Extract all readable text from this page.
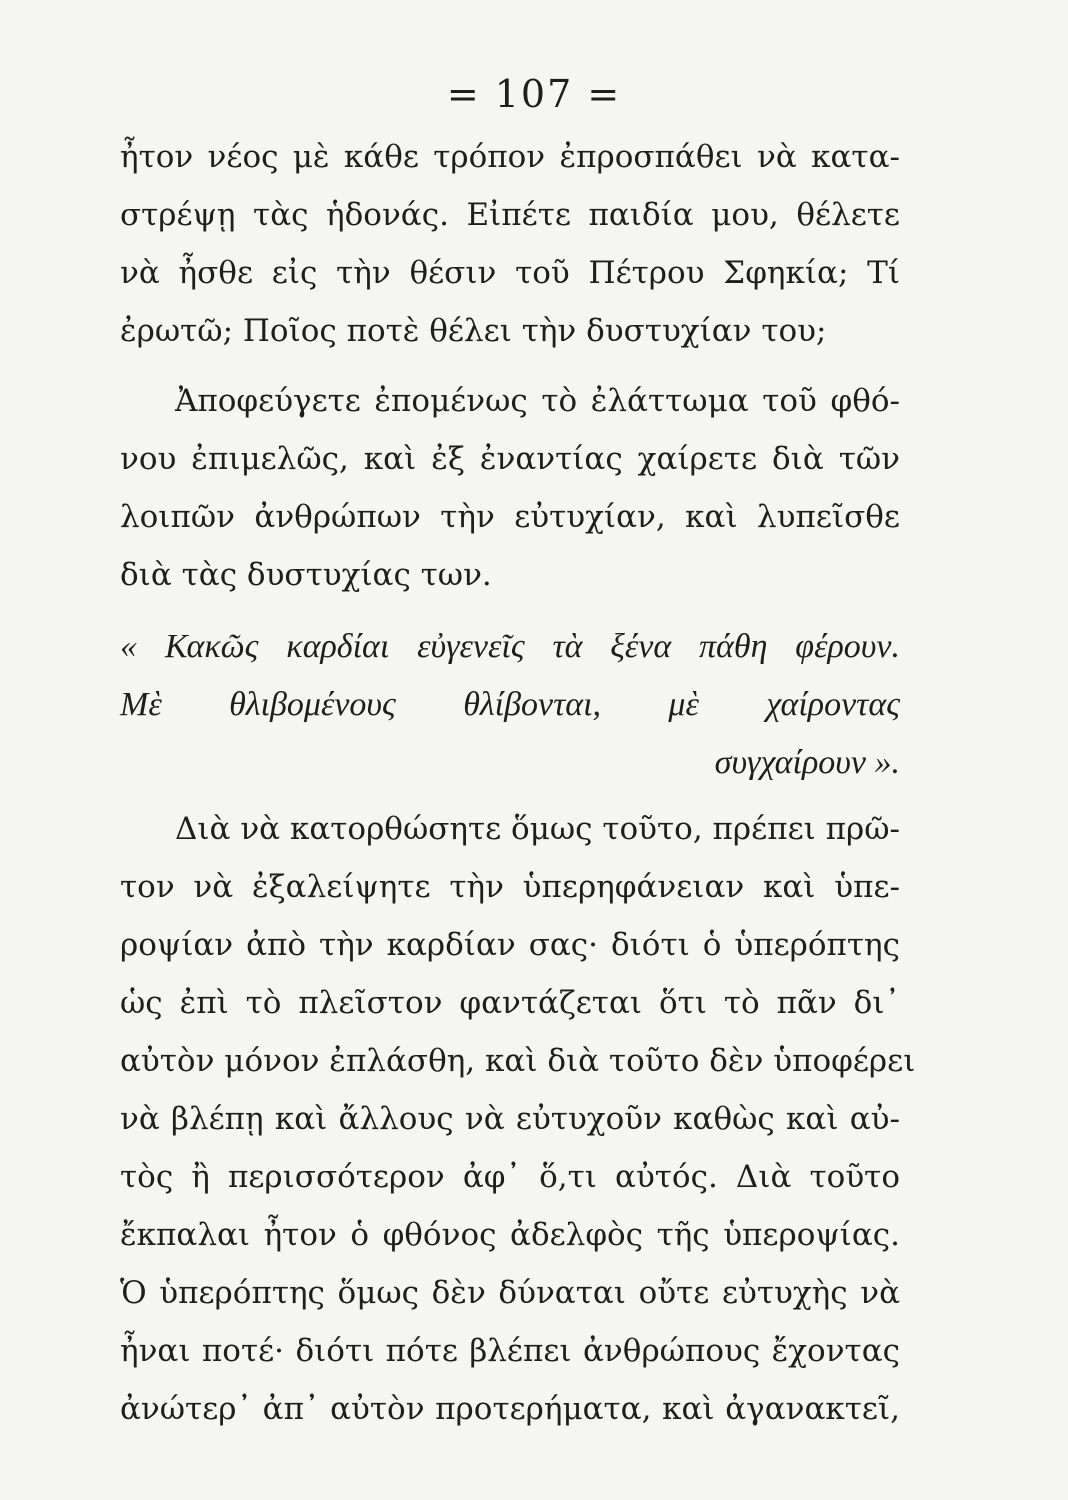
= 107 =
ἦτον νέος μὲ κάθε τρόπον ἐπροσπάθει νὰ κατα-
στρέψῃ τὰς ἡδονάς. Εἰπέτε παιδία μου, θέλετε
νὰ ἦσθε εἰς τὴν θέσιν τοῦ Πέτρου Σφηκία; Τί
ἐρωτῶ; Ποῖος ποτὲ θέλει τὴν δυστυχίαν του;
Ἀποφεύγετε ἐπομένως τὸ ἐλάττωμα τοῦ φθό-
νου ἐπιμελῶς, καὶ ἐξ ἐναντίας χαίρετε διὰ τῶν
λοιπῶν ἀνθρώπων τὴν εὐτυχίαν, καὶ λυπεῖσθε
διὰ τὰς δυστυχίας των.
« Κακῶς καρδίαι εὐγενεῖς τὰ ξένα πάθη φέρουν.
Μὲ θλιβομένους θλίβονται, μὲ χαίροντας
συγχαίρουν ».
Διὰ νὰ κατορθώσητε ὅμως τοῦτο, πρέπει πρῶ-
τον νὰ ἐξαλείψητε τὴν ὑπερηφάνειαν καὶ ὑπε-
ροψίαν ἀπὸ τὴν καρδίαν σας· διότι ὁ ὑπερόπτης
ὡς ἐπὶ τὸ πλεῖστον φαντάζεται ὅτι τὸ πᾶν δι᾽
αὐτὸν μόνον ἐπλάσθη, καὶ διὰ τοῦτο δὲν ὑποφέρει
νὰ βλέπῃ καὶ ἄλλους νὰ εὐτυχοῦν καθὼς καὶ αὐ-
τὸς ἢ περισσότερον ἀφ᾽ ὅ,τι αὐτός. Διὰ τοῦτο
ἔκπαλαι ἦτον ὁ φθόνος ἀδελφὸς τῆς ὑπεροψίας.
Ὁ ὑπερόπτης ὅμως δὲν δύναται οὔτε εὐτυχὴς νὰ
ἦναι ποτέ· διότι πότε βλέπει ἀνθρώπους ἔχοντας
ἀνώτερ᾽ ἀπ᾽ αὐτὸν προτερήματα, καὶ ἀγανακτεῖ,
